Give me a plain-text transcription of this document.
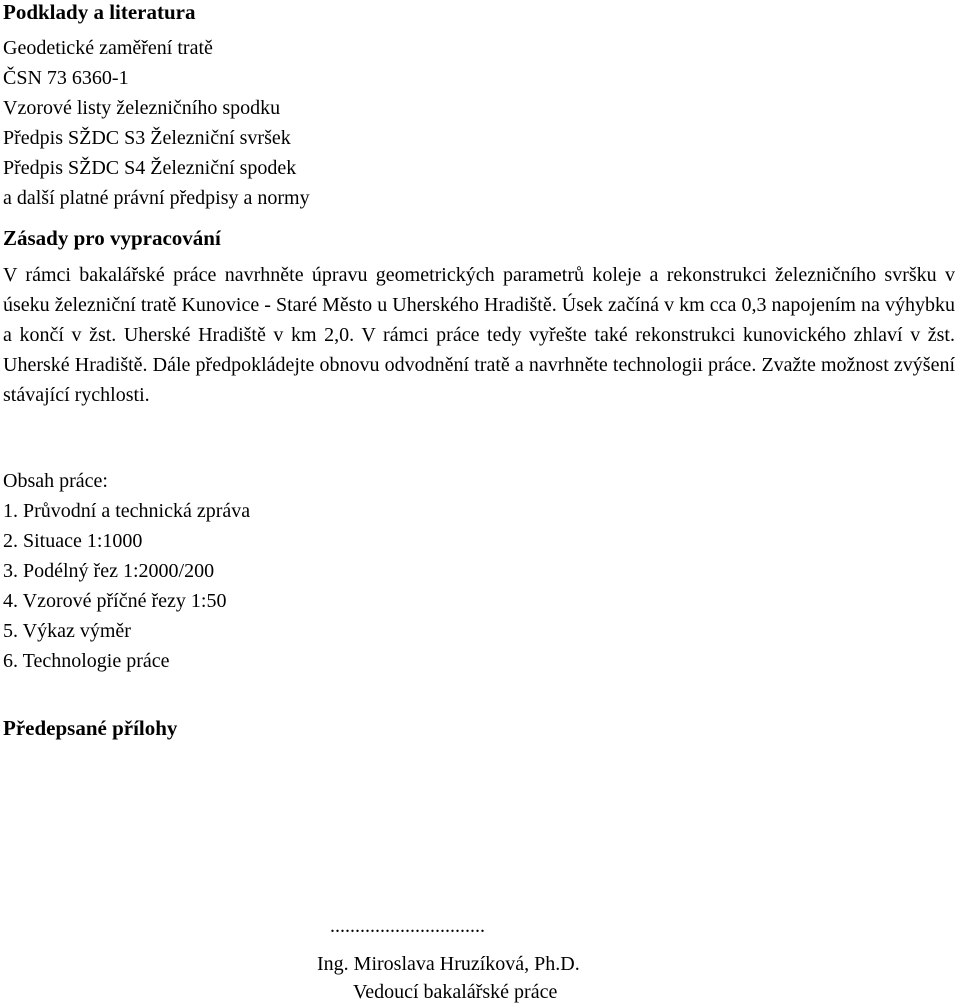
Podklady a literatura
Geodetické zaměření tratě
ČSN 73 6360-1
Vzorové listy železničního spodku
Předpis SŽDC S3 Železniční svršek
Předpis SŽDC S4 Železniční spodek
a další platné právní předpisy a normy
Zásady pro vypracování
V rámci bakalářské práce navrhněte úpravu geometrických parametrů koleje a rekonstrukci železničního svršku v úseku železniční tratě Kunovice - Staré Město u Uherského Hradiště. Úsek začíná v km cca 0,3 napojením na výhybku a končí v žst. Uherské Hradiště v km 2,0. V rámci práce tedy vyřešte také rekonstrukci kunovického zhlaví v žst. Uherské Hradiště. Dále předpokládejte obnovu odvodnění tratě a navrhněte technologii práce. Zvažte možnost zvýšení stávající rychlosti.
Obsah práce:
1. Průvodní a technická zpráva
2. Situace 1:1000
3. Podélný řez 1:2000/200
4. Vzorové příčné řezy 1:50
5. Výkaz výměr
6. Technologie práce
Předepsané přílohy
...............................
Ing. Miroslava Hruzíková, Ph.D.
Vedoucí bakalářské práce
